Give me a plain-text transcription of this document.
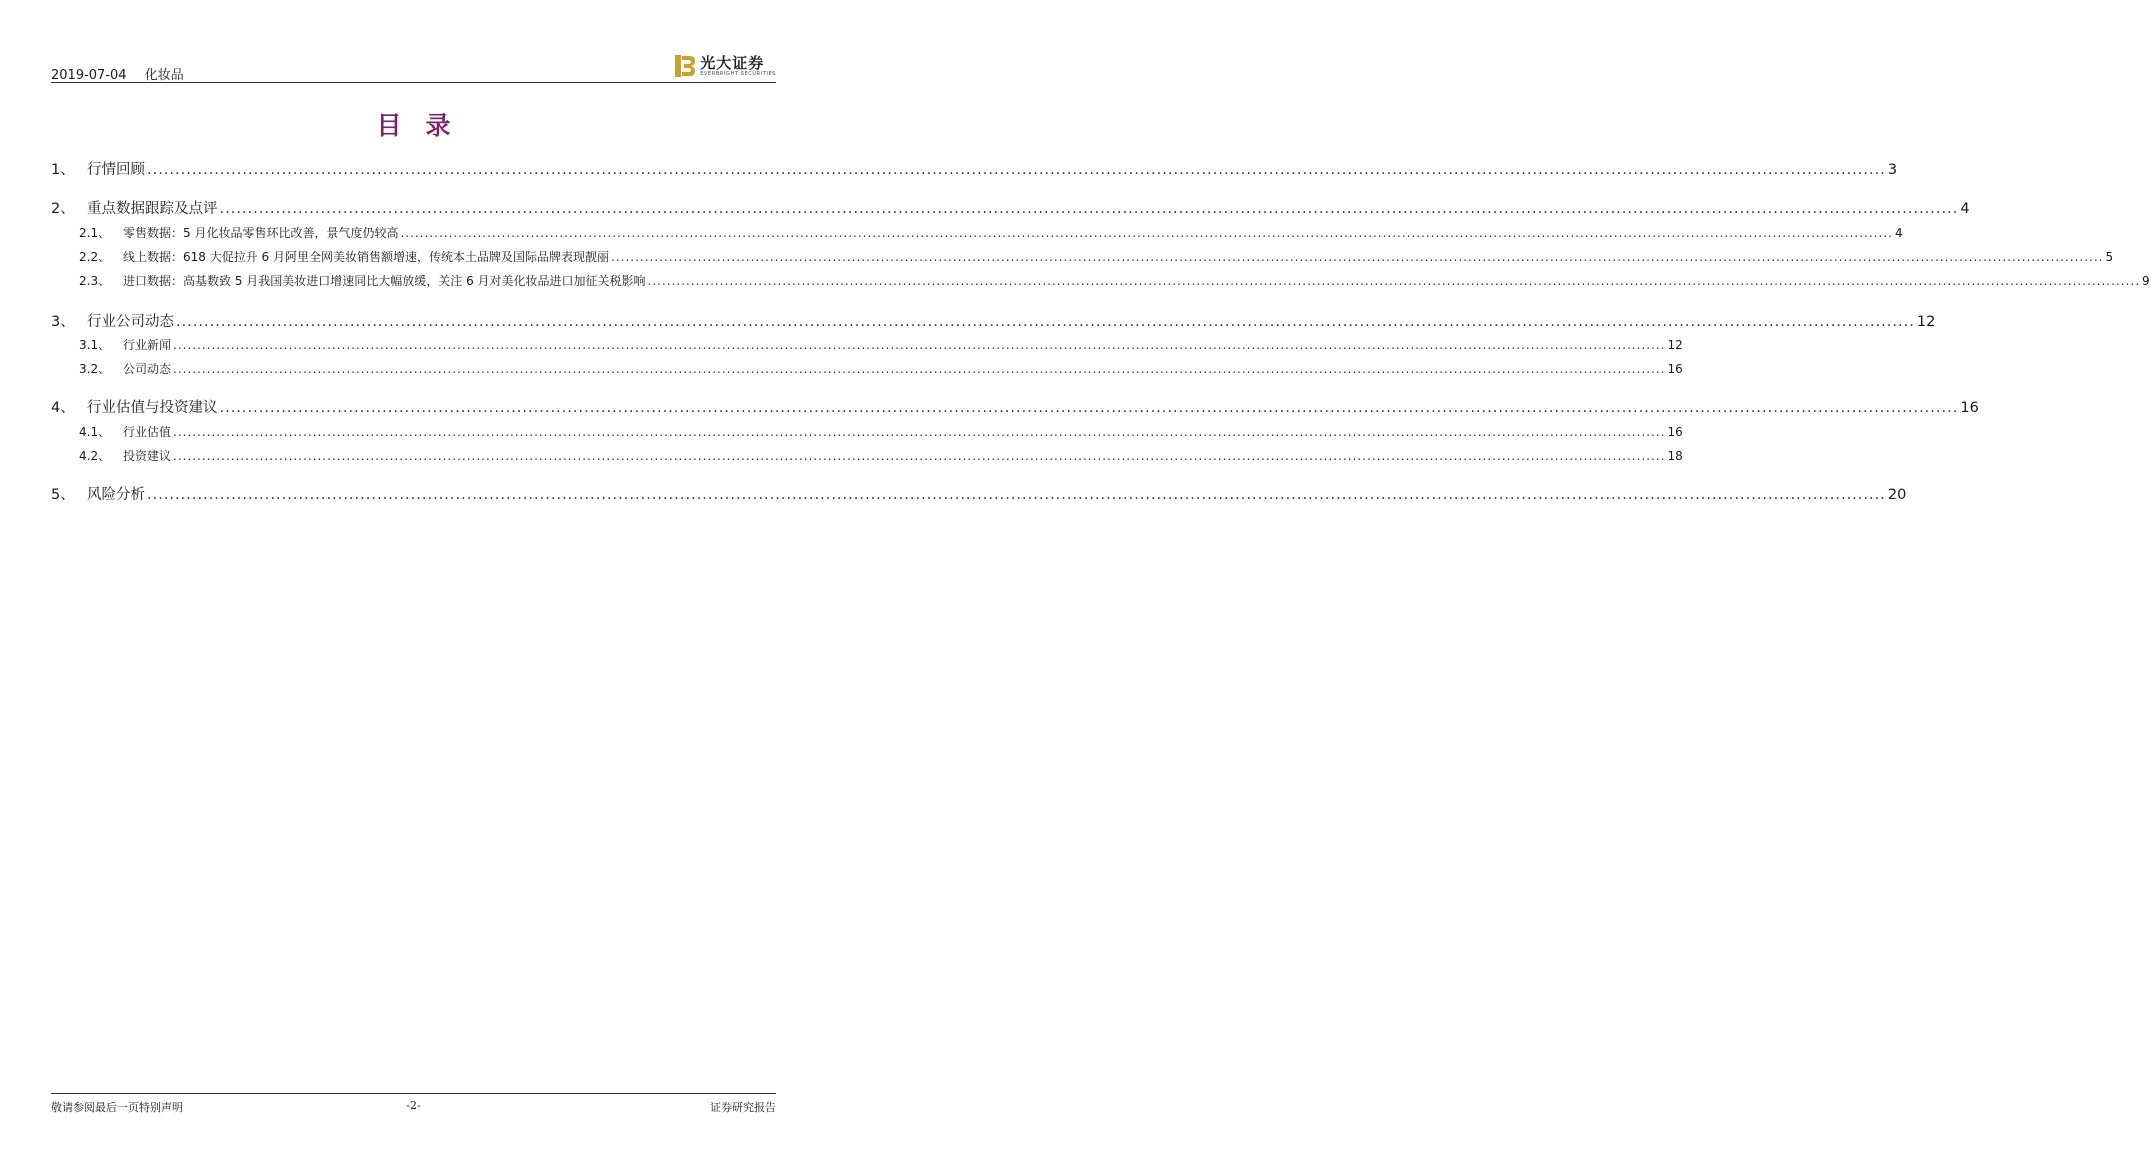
2019-07-04 化妆品
光大证券
EVERBRIGHT SECURITIES
目录
1、 行情回顾 .....	3
2、 重点数据跟踪及点评 .....	4
2.1、	零售数据：5 月化妆品零售环比改善，景气度仍较高 .....	4
2.2、	线上数据：618 大促拉升 6 月阿里全网美妆销售额增速，传统本土品牌及国际品牌表现靓丽 .....	5
2.3、	进口数据：高基数致 5 月我国美妆进口增速同比大幅放缓，关注 6 月对美化妆品进口加征关税影响 .....	9
3、 行业公司动态 .....	12
3.1、	行业新闻 .....	12
3.2、	公司动态 .....	16
4、 行业估值与投资建议 .....	16
4.1、	行业估值 .....	16
4.2、	投资建议 .....	18
5、 风险分析 .....	20
敬请参阅最后一页特别声明	-2-	证券研究报告
